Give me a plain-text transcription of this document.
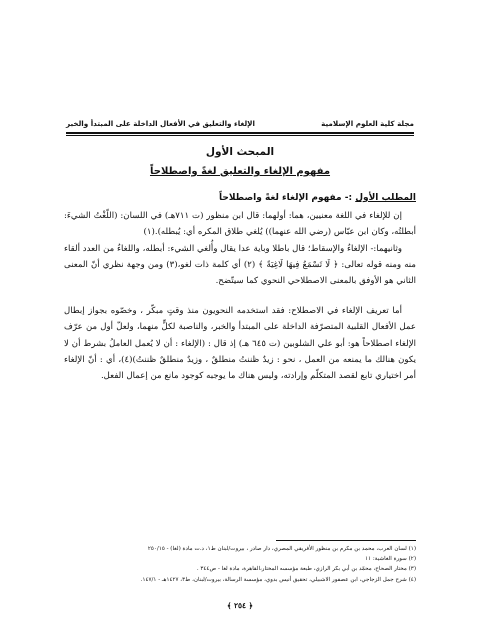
مجلة كلية العلوم الإسلامية
الإلغاء والتعليق في الأفعال الداخلة على المبتدأ والخبر
المبحث الأول
مفهوم الإلغاء والتعليق لغةً واصطلاحاً
المطلب الأول :- مفهوم الإلغاء لغةً واصطلاحاً

إن للإلغاء في اللغة معنيين، هما: أولهما: قال ابن منظور (ت ٧١١هـ) في اللسان: (اللّغْتُ الشيءَ: أبطلتُه، وكان ابن عبّاس (رضي الله عنهما)) يُلغي طلاق المكره أي: يُبطله).(١)

وثانيهما:- الإلغاءُ والإسقاط؛ قال باطلا وباية عدا يقال وأُلغي الشيء: أبطله، واللغاءُ من العدد ألقاء منه ومنه قوله تعالى: ﴿ لَا تَسْمَعُ فِيهَا لَاغِيَةً ﴾ (٢) أي كلمة ذات لغو،(٣) ومن وجهة نظري أنّ المعنى الثاني هو الأوفق بالمعنى الاصطلاحي النحوي كما سيتّضح.

أما تعريف الإلغاء في الاصطلاح: فقد استخدمه النحويون منذ وقتٍ مبكّر ، وخصّوه بجواز إبطال عمل الأفعال القلبية المتصرّفة الداخلة على المبتدأ والخبر، والناصبة لكلٍّ منهما، ولعلّ أول من عرّف الإلغاء اصطلاحاً هو: أبو علي الشلوبين (ت ٦٤٥ هـ) إذ قال : (الإلغاء : أن لا يُعمل العاملُ بشرط أن لا يكون هنالك ما يمنعه من العمل ، نحو : زيدٌ ظننتُ منطلقٌ ، وزيدٌ منطلقٌ ظننتُ)(٤)، أي : أنّ الإلغاء أمر اختياري تابع لقصد المتكلّم وإرادته، وليس هناك ما يوجبه كوجود مانع من إعمال الفعل.

(١) لسان العرب، محمد بن مكرم بن منظور الأفريقي المصري، دار صادر ، بيروت/لبنان ط١، د.ت مادة (لغا) - ٢٥٠/١٥
(٢) سورة الغاشية: ١١
(٣) مختار الصحاح، محمّد بن أبي بكر الرازي، طبعة مؤسسه المختار،القاهرة، مادة لغا - ص٣٤٤ .
(٤) شرح جمل الزجاجي، ابن عصفور الاشبيلي، تحقيق أنيس بدوي، مؤسسة الرسالة، بيروت/لبنان، ط٣، ١٤٢٧هـ - ١٤٧/١.
﴿ ٢٥٤ ﴾
